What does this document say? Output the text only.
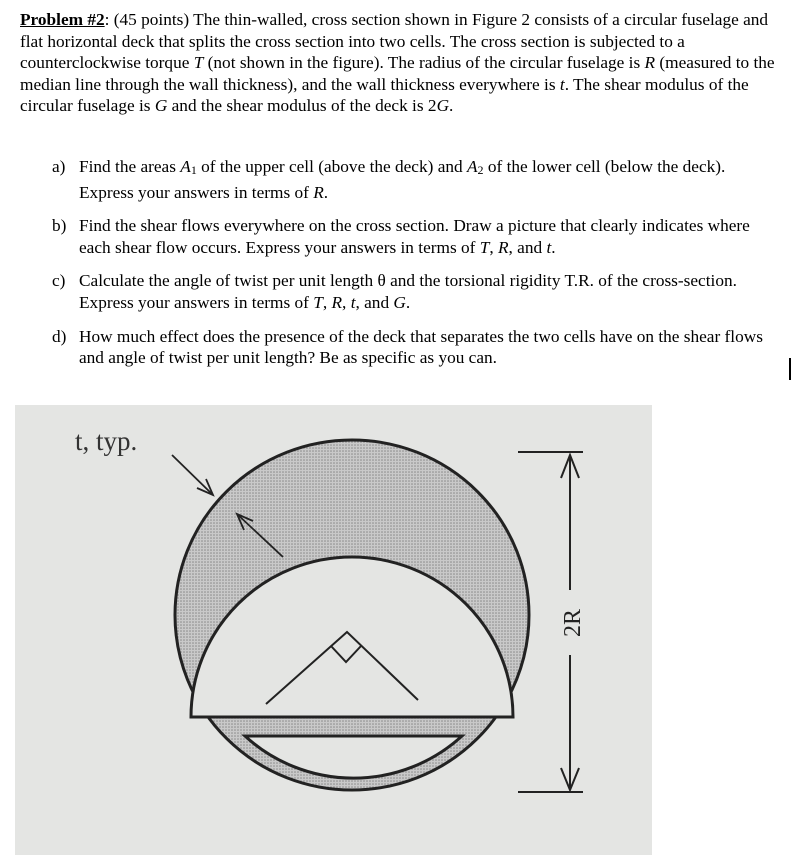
Problem #2: (45 points) The thin-walled, cross section shown in Figure 2 consists of a circular fuselage and flat horizontal deck that splits the cross section into two cells. The cross section is subjected to a counterclockwise torque T (not shown in the figure). The radius of the circular fuselage is R (measured to the median line through the wall thickness), and the wall thickness everywhere is t. The shear modulus of the circular fuselage is G and the shear modulus of the deck is 2G.
a) Find the areas $A_1$ of the upper cell (above the deck) and $A_2$ of the lower cell (below the deck). Express your answers in terms of R.
b) Find the shear flows everywhere on the cross section. Draw a picture that clearly indicates where each shear flow occurs. Express your answers in terms of T, R, and t.
c) Calculate the angle of twist per unit length θ and the torsional rigidity T.R. of the cross-section. Express your answers in terms of T, R, t, and G.
d) How much effect does the presence of the deck that separates the two cells have on the shear flows and angle of twist per unit length? Be as specific as you can.
t, typ.
2R
